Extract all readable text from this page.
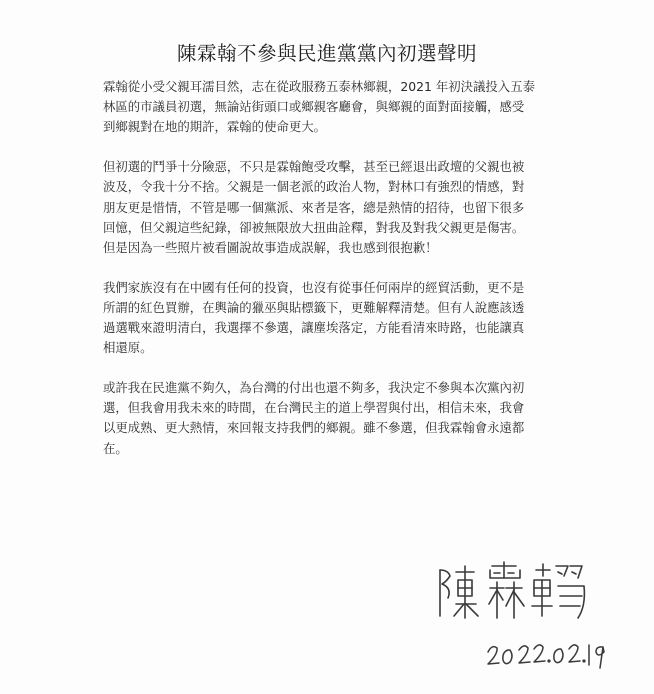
陳霖翰不參與民進黨黨內初選聲明

霖翰從小受父親耳濡目然，志在從政服務五泰林鄉親，2021 年初決議投入五泰
林區的市議員初選，無論站街頭口或鄉親客廳會，與鄉親的面對面接觸，感受
到鄉親對在地的期許，霖翰的使命更大。

但初選的鬥爭十分險惡，不只是霖翰飽受攻擊，甚至已經退出政壇的父親也被
波及，令我十分不捨。父親是一個老派的政治人物，對林口有強烈的情感，對
朋友更是惜情，不管是哪一個黨派、來者是客，總是熱情的招待，也留下很多
回憶，但父親這些紀錄，卻被無限放大扭曲詮釋，對我及對我父親更是傷害。
但是因為一些照片被看圖說故事造成誤解，我也感到很抱歉！

我們家族沒有在中國有任何的投資，也沒有從事任何兩岸的經貿活動，更不是
所謂的紅色買辦，在輿論的獵巫與貼標籤下，更難解釋清楚。但有人說應該透
過選戰來證明清白，我選擇不參選，讓塵埃落定，方能看清來時路，也能讓真
相還原。

或許我在民進黨不夠久，為台灣的付出也還不夠多，我決定不參與本次黨內初
選，但我會用我未來的時間，在台灣民主的道上學習與付出，相信未來，我會
以更成熟、更大熱情，來回報支持我們的鄉親。雖不參選，但我霖翰會永遠都
在。
